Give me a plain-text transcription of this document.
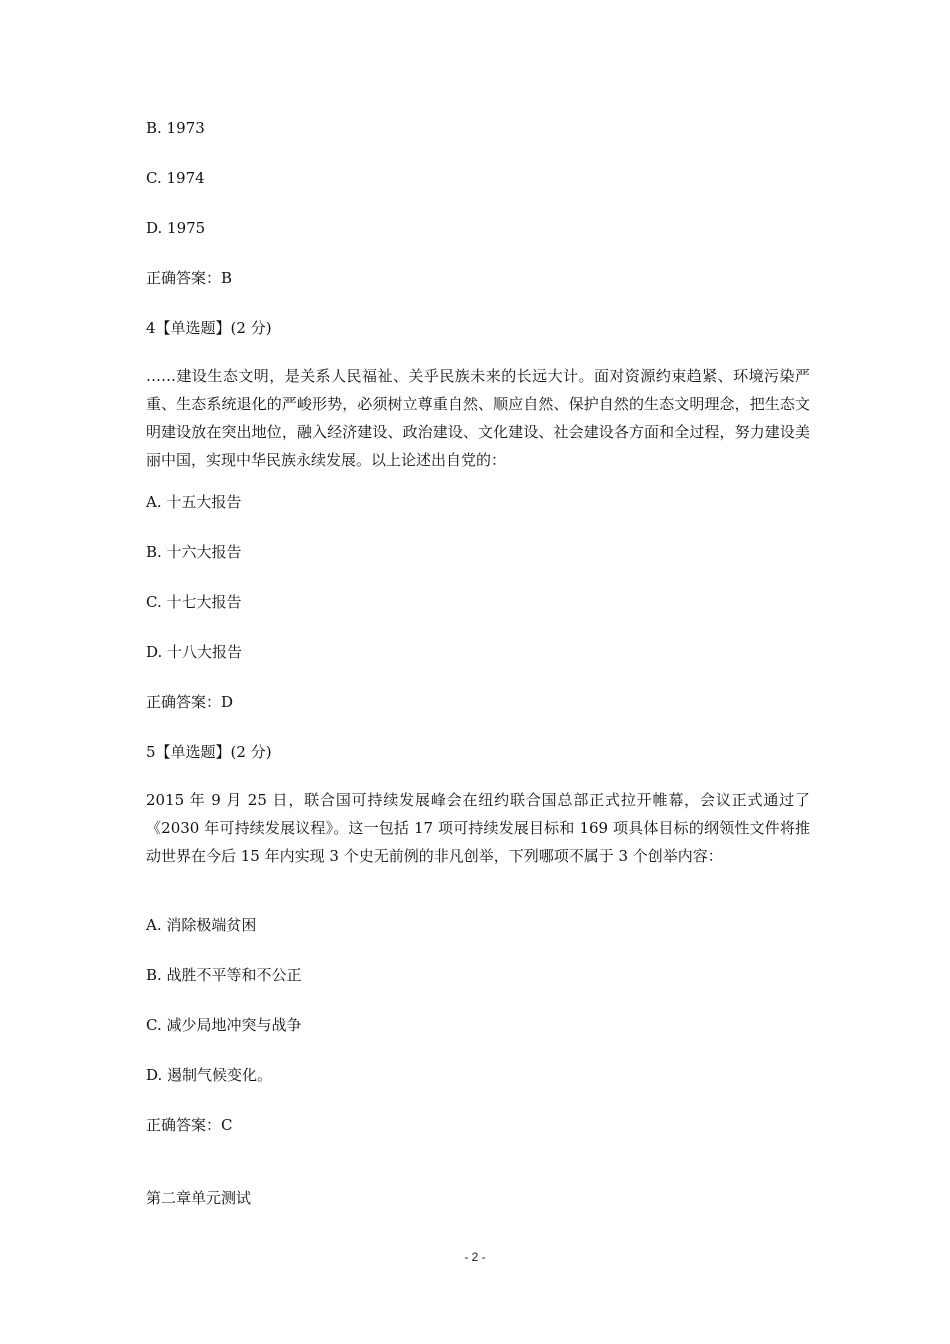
B. 1973
C. 1974
D. 1975
正确答案：B
4【单选题】(2 分)
……建设生态文明，是关系人民福祉、关乎民族未来的长远大计。面对资源约束趋紧、环境污染严重、生态系统退化的严峻形势，必须树立尊重自然、顺应自然、保护自然的生态文明理念，把生态文明建设放在突出地位，融入经济建设、政治建设、文化建设、社会建设各方面和全过程，努力建设美丽中国，实现中华民族永续发展。以上论述出自党的：
A. 十五大报告
B. 十六大报告
C. 十七大报告
D. 十八大报告
正确答案：D
5【单选题】(2 分)
2015 年 9 月 25 日，联合国可持续发展峰会在纽约联合国总部正式拉开帷幕，会议正式通过了《2030 年可持续发展议程》。这一包括 17 项可持续发展目标和 169 项具体目标的纲领性文件将推动世界在今后 15 年内实现 3 个史无前例的非凡创举，下列哪项不属于 3 个创举内容：
A. 消除极端贫困
B. 战胜不平等和不公正
C. 减少局地冲突与战争
D. 遏制气候变化。
正确答案：C
第二章单元测试
- 2 -
